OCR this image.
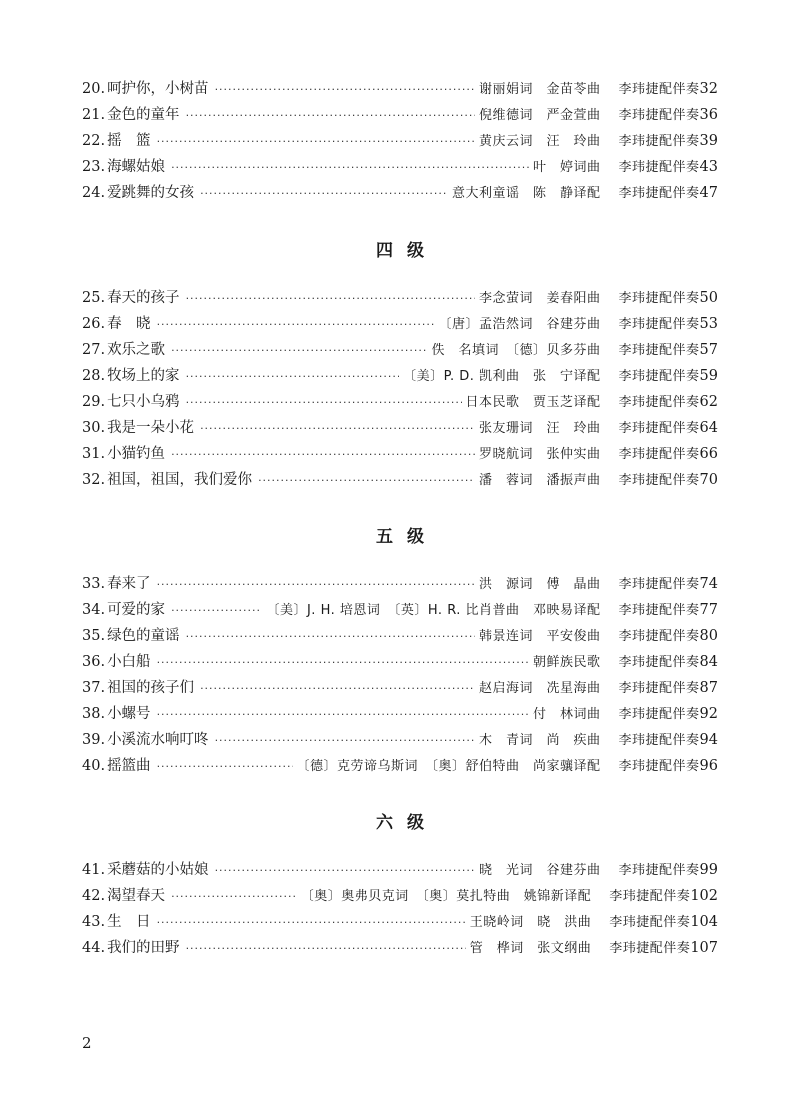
20. 呵护你，小树苗 ·····	谢丽娟词　金苗苓曲 李玮捷配伴奏 32
21. 金色的童年 ·····	倪维德词　严金萱曲 李玮捷配伴奏 36
22. 摇　篮 ·····	黄庆云词　汪　玲曲 李玮捷配伴奏 39
23. 海螺姑娘 ·····	叶　婷词曲 李玮捷配伴奏 43
24. 爱跳舞的女孩 ·····	意大利童谣　陈　静译配 李玮捷配伴奏 47
四级
25. 春天的孩子 ·····	李念萤词　姜春阳曲 李玮捷配伴奏 50
26. 春　晓 ·····	〔唐〕孟浩然词　谷建芬曲 李玮捷配伴奏 53
27. 欢乐之歌 ·····	佚　名填词　〔德〕贝多芬曲 李玮捷配伴奏 57
28. 牧场上的家 ·····	〔美〕P. D. 凯利曲　张　宁译配 李玮捷配伴奏 59
29. 七只小乌鸦 ·····	日本民歌　贾玉芝译配 李玮捷配伴奏 62
30. 我是一朵小花 ·····	张友珊词　汪　玲曲 李玮捷配伴奏 64
31. 小猫钓鱼 ·····	罗晓航词　张仲实曲 李玮捷配伴奏 66
32. 祖国，祖国，我们爱你 ·····	潘　蓉词　潘振声曲 李玮捷配伴奏 70
五级
33. 春来了 ·····	洪　源词　傅　晶曲 李玮捷配伴奏 74
34. 可爱的家 ·····	〔美〕J. H. 培恩词　〔英〕H. R. 比肖普曲　邓映易译配 李玮捷配伴奏 77
35. 绿色的童谣 ·····	韩景连词　平安俊曲 李玮捷配伴奏 80
36. 小白船 ·····	朝鲜族民歌 李玮捷配伴奏 84
37. 祖国的孩子们 ·····	赵启海词　冼星海曲 李玮捷配伴奏 87
38. 小螺号 ·····	付　林词曲 李玮捷配伴奏 92
39. 小溪流水响叮咚 ·····	木　青词　尚　疾曲 李玮捷配伴奏 94
40. 摇篮曲 ·····	〔德〕克劳谛乌斯词　〔奥〕舒伯特曲　尚家骧译配 李玮捷配伴奏 96
六级
41. 采蘑菇的小姑娘 ·····	晓　光词　谷建芬曲 李玮捷配伴奏 99
42. 渴望春天 ·····	〔奥〕奥弗贝克词　〔奥〕莫扎特曲　姚锦新译配 李玮捷配伴奏 102
43. 生　日 ·····	王晓岭词　晓　洪曲 李玮捷配伴奏 104
44. 我们的田野 ·····	管　桦词　张文纲曲 李玮捷配伴奏 107
2
